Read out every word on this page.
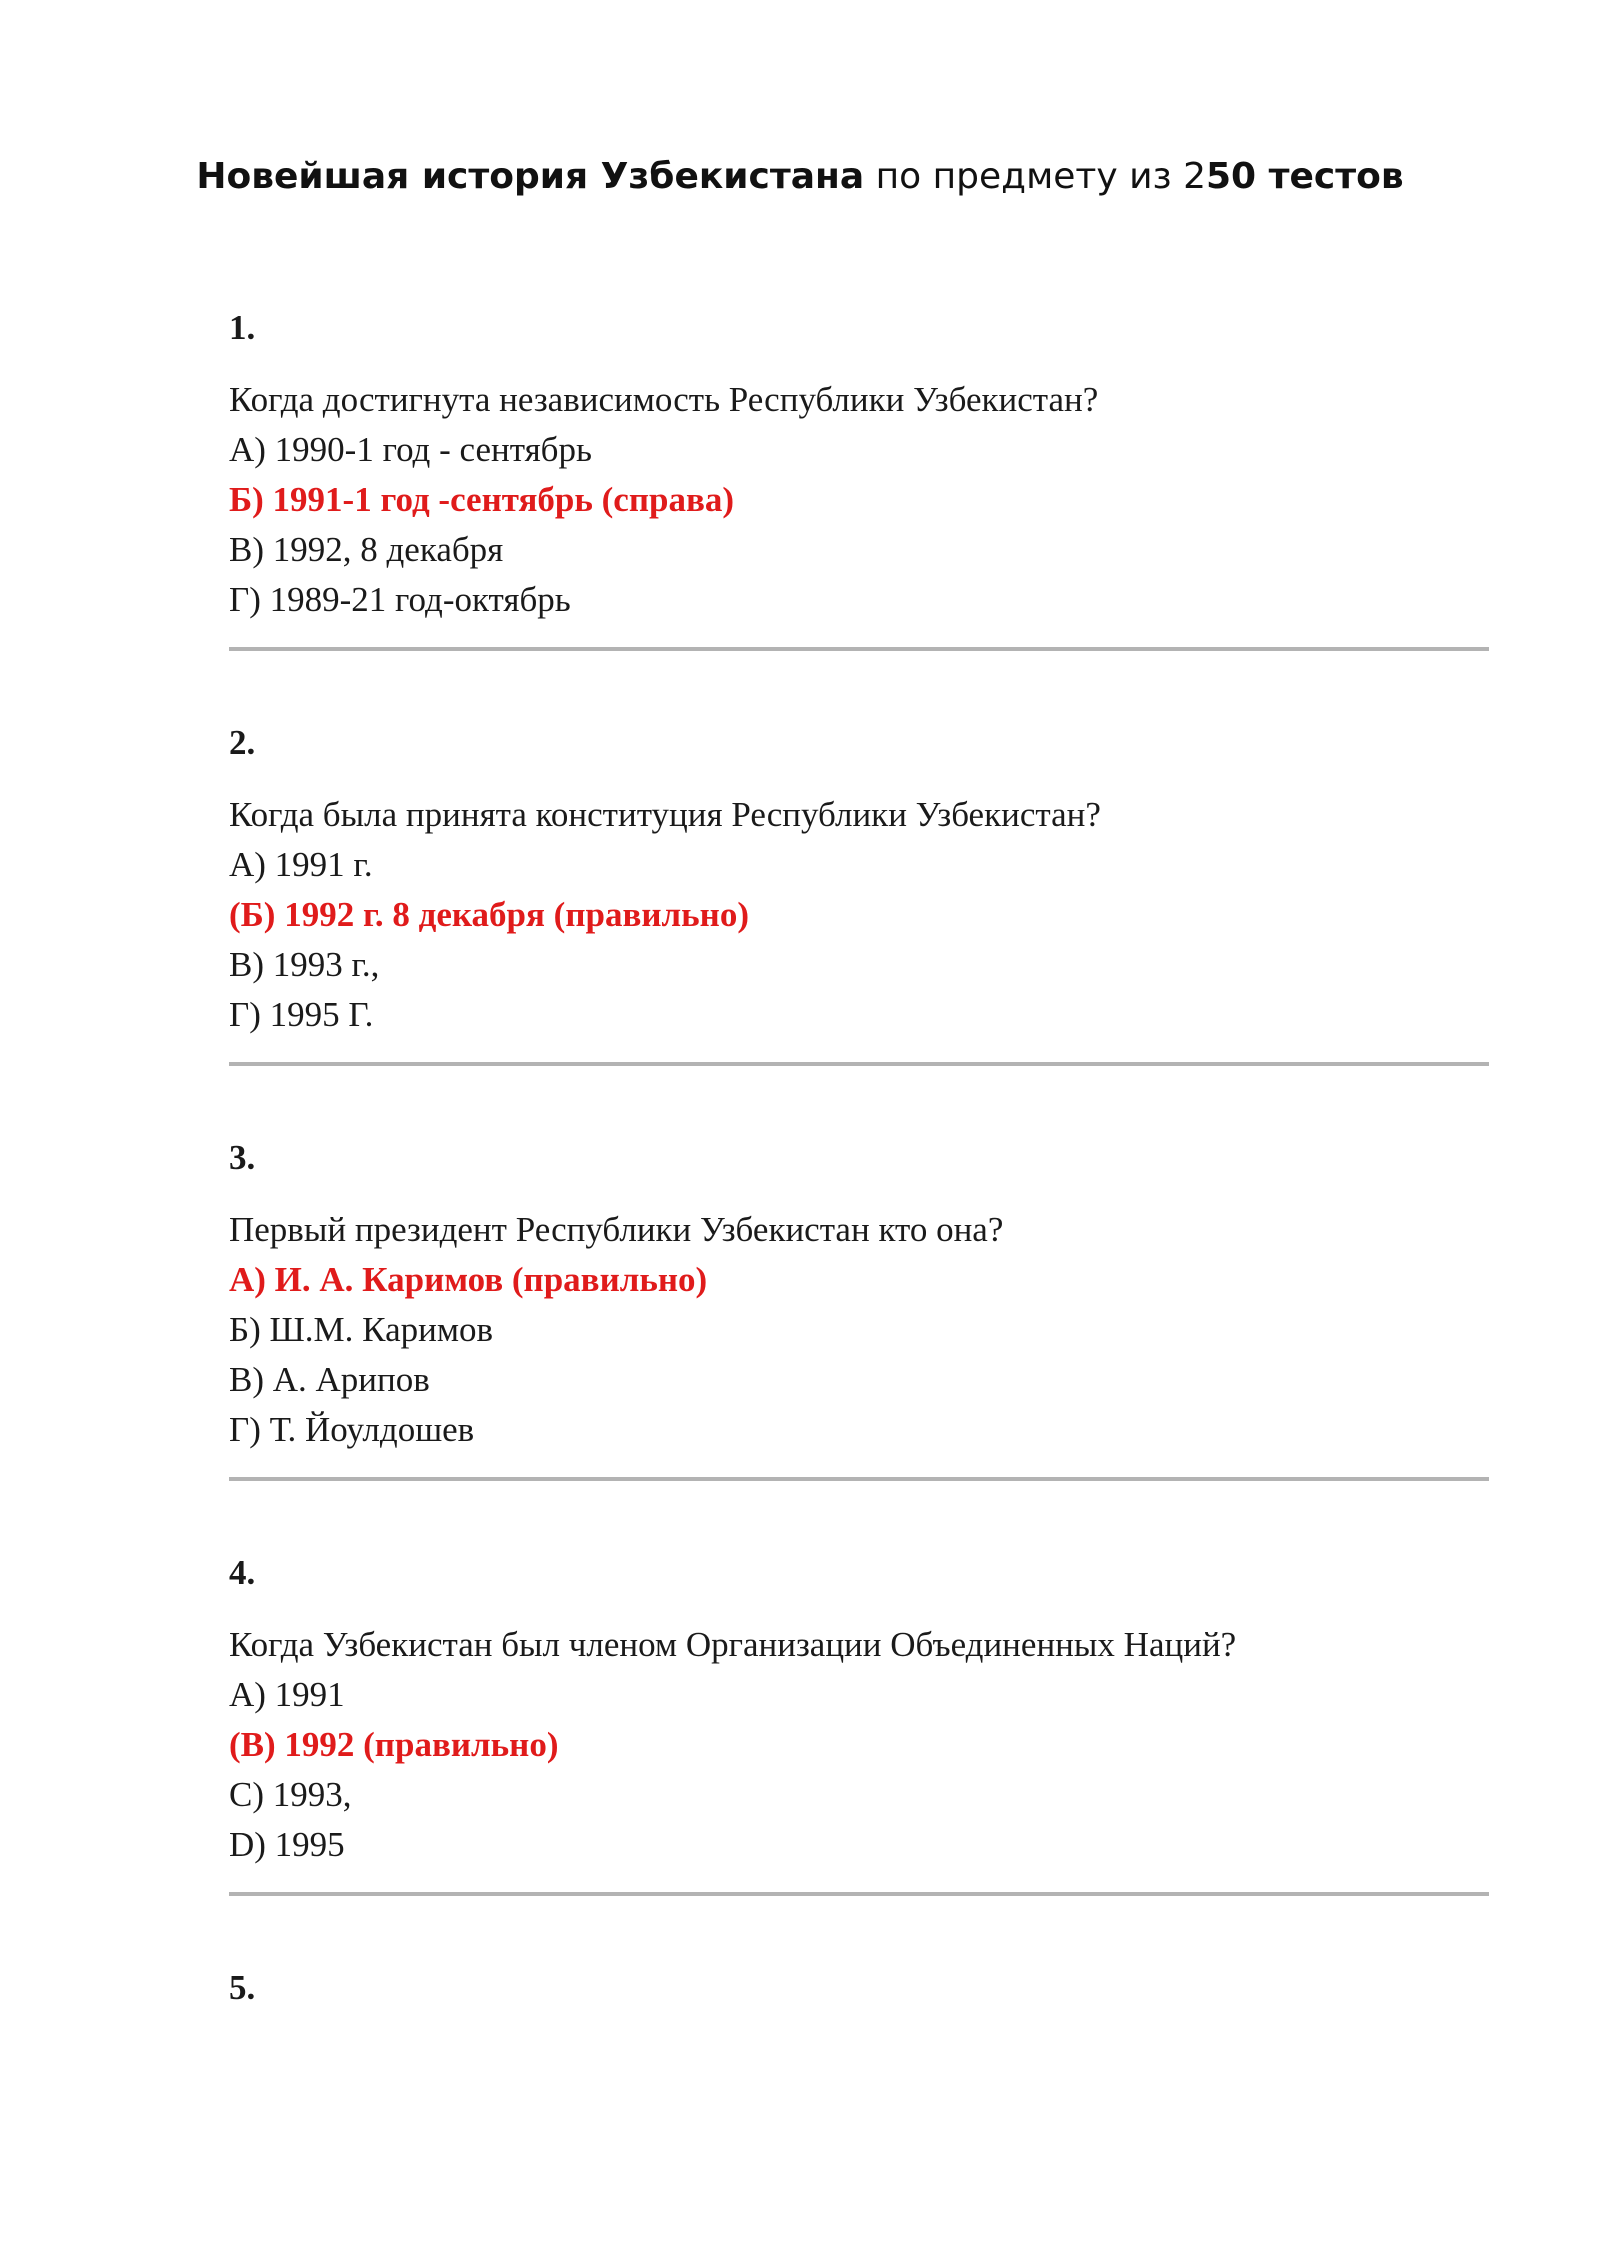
Новейшая история Узбекистана по предмету из 250 тестов
1.
Когда достигнута независимость Республики Узбекистан?
A) 1990-1 год - сентябрь
Б) 1991-1 год -сентябрь (справа)
B) 1992, 8 декабря
Г) 1989-21 год-октябрь
2.
Когда была принята конституция Республики Узбекистан?
A) 1991 г.
(Б) 1992 г. 8 декабря (правильно)
B) 1993 г.,
Г) 1995 Г.
3.
Первый президент Республики Узбекистан кто она?
A) И. А. Каримов (правильно)
Б) Ш.М. Каримов
B) А. Арипов
Г) Т. Йоулдошев
4.
Когда Узбекистан был членом Организации Объединенных Наций?
A) 1991
(B) 1992 (правильно)
C) 1993,
D) 1995
5.
